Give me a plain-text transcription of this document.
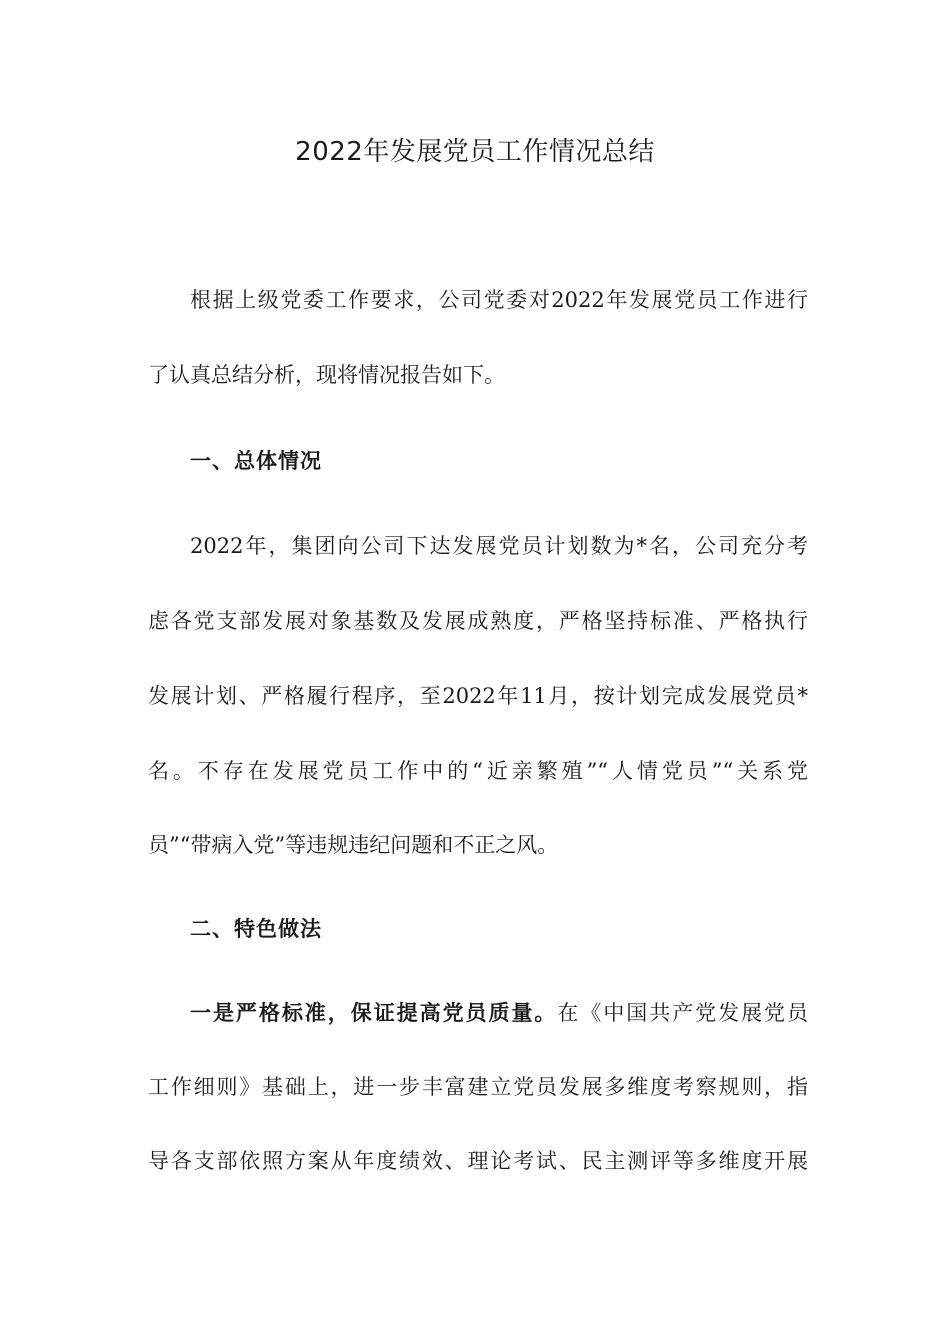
2022年发展党员工作情况总结

根据上级党委工作要求，公司党委对2022年发展党员工作进行

了认真总结分析，现将情况报告如下。

一、总体情况

2022年，集团向公司下达发展党员计划数为*名，公司充分考

虑各党支部发展对象基数及发展成熟度，严格坚持标准、严格执行

发展计划、严格履行程序，至2022年11月，按计划完成发展党员*

名。不存在发展党员工作中的“近亲繁殖”“人情党员”“关系党

员”“带病入党”等违规违纪问题和不正之风。

二、特色做法

一是严格标准，保证提高党员质量。在《中国共产党发展党员

工作细则》基础上，进一步丰富建立党员发展多维度考察规则，指

导各支部依照方案从年度绩效、理论考试、民主测评等多维度开展
